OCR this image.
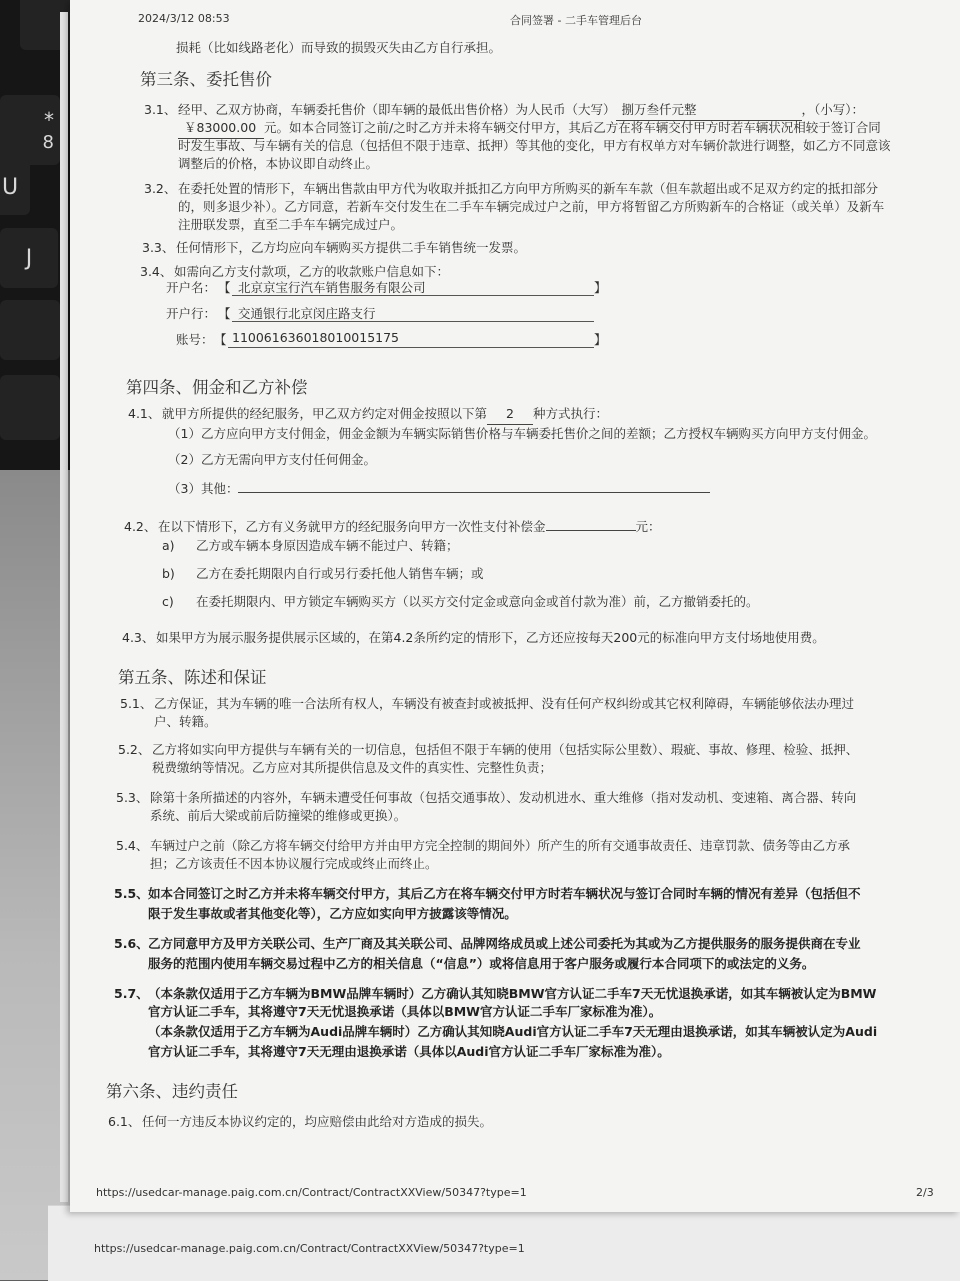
*
8
U
J
https://usedcar-manage.paig.com.cn/Contract/ContractXXView/50347?type=1
2024/3/12 08:53	合同签署 - 二手车管理后台
损耗（比如线路老化）而导致的损毁灭失由乙方自行承担。
第三条、委托售价
3.1、 经甲、乙双方协商，车辆委托售价（即车辆的最低出售价格）为人民币（大写） 捌万叁仟元整	，（小写）：
￥83000.00 元。如本合同签订之前/之时乙方并未将车辆交付甲方，其后乙方在将车辆交付甲方时若车辆状况相较于签订合同
时发生事故、与车辆有关的信息（包括但不限于违章、抵押）等其他的变化，甲方有权单方对车辆价款进行调整，如乙方不同意该
调整后的价格，本协议即自动终止。
3.2、 在委托处置的情形下，车辆出售款由甲方代为收取并抵扣乙方向甲方所购买的新车车款（但车款超出或不足双方约定的抵扣部分
的，则多退少补）。乙方同意，若新车交付发生在二手车车辆完成过户之前，甲方将暂留乙方所购新车的合格证（或关单）及新车
注册联发票，直至二手车车辆完成过户。
3.3、 任何情形下，乙方均应向车辆购买方提供二手车销售统一发票。
3.4、 如需向乙方支付款项，乙方的收款账户信息如下：
开户名： 【 北京京宝行汽车销售服务有限公司	】
开户行： 【 交通银行北京闵庄路支行
账号： 【 110061636018010015175	】
第四条、佣金和乙方补偿
4.1、 就甲方所提供的经纪服务，甲乙双方约定对佣金按照以下第 2 种方式执行：
（1）乙方应向甲方支付佣金，佣金金额为车辆实际销售价格与车辆委托售价之间的差额；乙方授权车辆购买方向甲方支付佣金。
（2）乙方无需向甲方支付任何佣金。
（3）其他：
4.2、 在以下情形下，乙方有义务就甲方的经纪服务向甲方一次性支付补偿金	元：
a) 乙方或车辆本身原因造成车辆不能过户、转籍；
b) 乙方在委托期限内自行或另行委托他人销售车辆；或
c) 在委托期限内、甲方锁定车辆购买方（以买方交付定金或意向金或首付款为准）前，乙方撤销委托的。
4.3、 如果甲方为展示服务提供展示区域的，在第4.2条所约定的情形下，乙方还应按每天200元的标准向甲方支付场地使用费。
第五条、陈述和保证
5.1、 乙方保证，其为车辆的唯一合法所有权人，车辆没有被查封或被抵押、没有任何产权纠纷或其它权利障碍，车辆能够依法办理过
户、转籍。
5.2、 乙方将如实向甲方提供与车辆有关的一切信息，包括但不限于车辆的使用（包括实际公里数）、瑕疵、事故、修理、检验、抵押、
税费缴纳等情况。乙方应对其所提供信息及文件的真实性、完整性负责；
5.3、 除第十条所描述的内容外，车辆未遭受任何事故（包括交通事故）、发动机进水、重大维修（指对发动机、变速箱、离合器、转向
系统、前后大梁或前后防撞梁的维修或更换）。
5.4、 车辆过户之前（除乙方将车辆交付给甲方并由甲方完全控制的期间外）所产生的所有交通事故责任、违章罚款、债务等由乙方承
担；乙方该责任不因本协议履行完成或终止而终止。
5.5、如本合同签订之时乙方并未将车辆交付甲方，其后乙方在将车辆交付甲方时若车辆状况与签订合同时车辆的情况有差异（包括但不
限于发生事故或者其他变化等），乙方应如实向甲方披露该等情况。
5.6、乙方同意甲方及甲方关联公司、生产厂商及其关联公司、品牌网络成员或上述公司委托为其或为乙方提供服务的服务提供商在专业
服务的范围内使用车辆交易过程中乙方的相关信息（“信息”）或将信息用于客户服务或履行本合同项下的或法定的义务。
5.7、（本条款仅适用于乙方车辆为BMW品牌车辆时）乙方确认其知晓BMW官方认证二手车7天无忧退换承诺，如其车辆被认定为BMW
官方认证二手车，其将遵守7天无忧退换承诺（具体以BMW官方认证二手车厂家标准为准）。
（本条款仅适用于乙方车辆为Audi品牌车辆时）乙方确认其知晓Audi官方认证二手车7天无理由退换承诺，如其车辆被认定为Audi
官方认证二手车，其将遵守7天无理由退换承诺（具体以Audi官方认证二手车厂家标准为准）。
第六条、违约责任
6.1、 任何一方违反本协议约定的，均应赔偿由此给对方造成的损失。
https://usedcar-manage.paig.com.cn/Contract/ContractXXView/50347?type=1	2/3
